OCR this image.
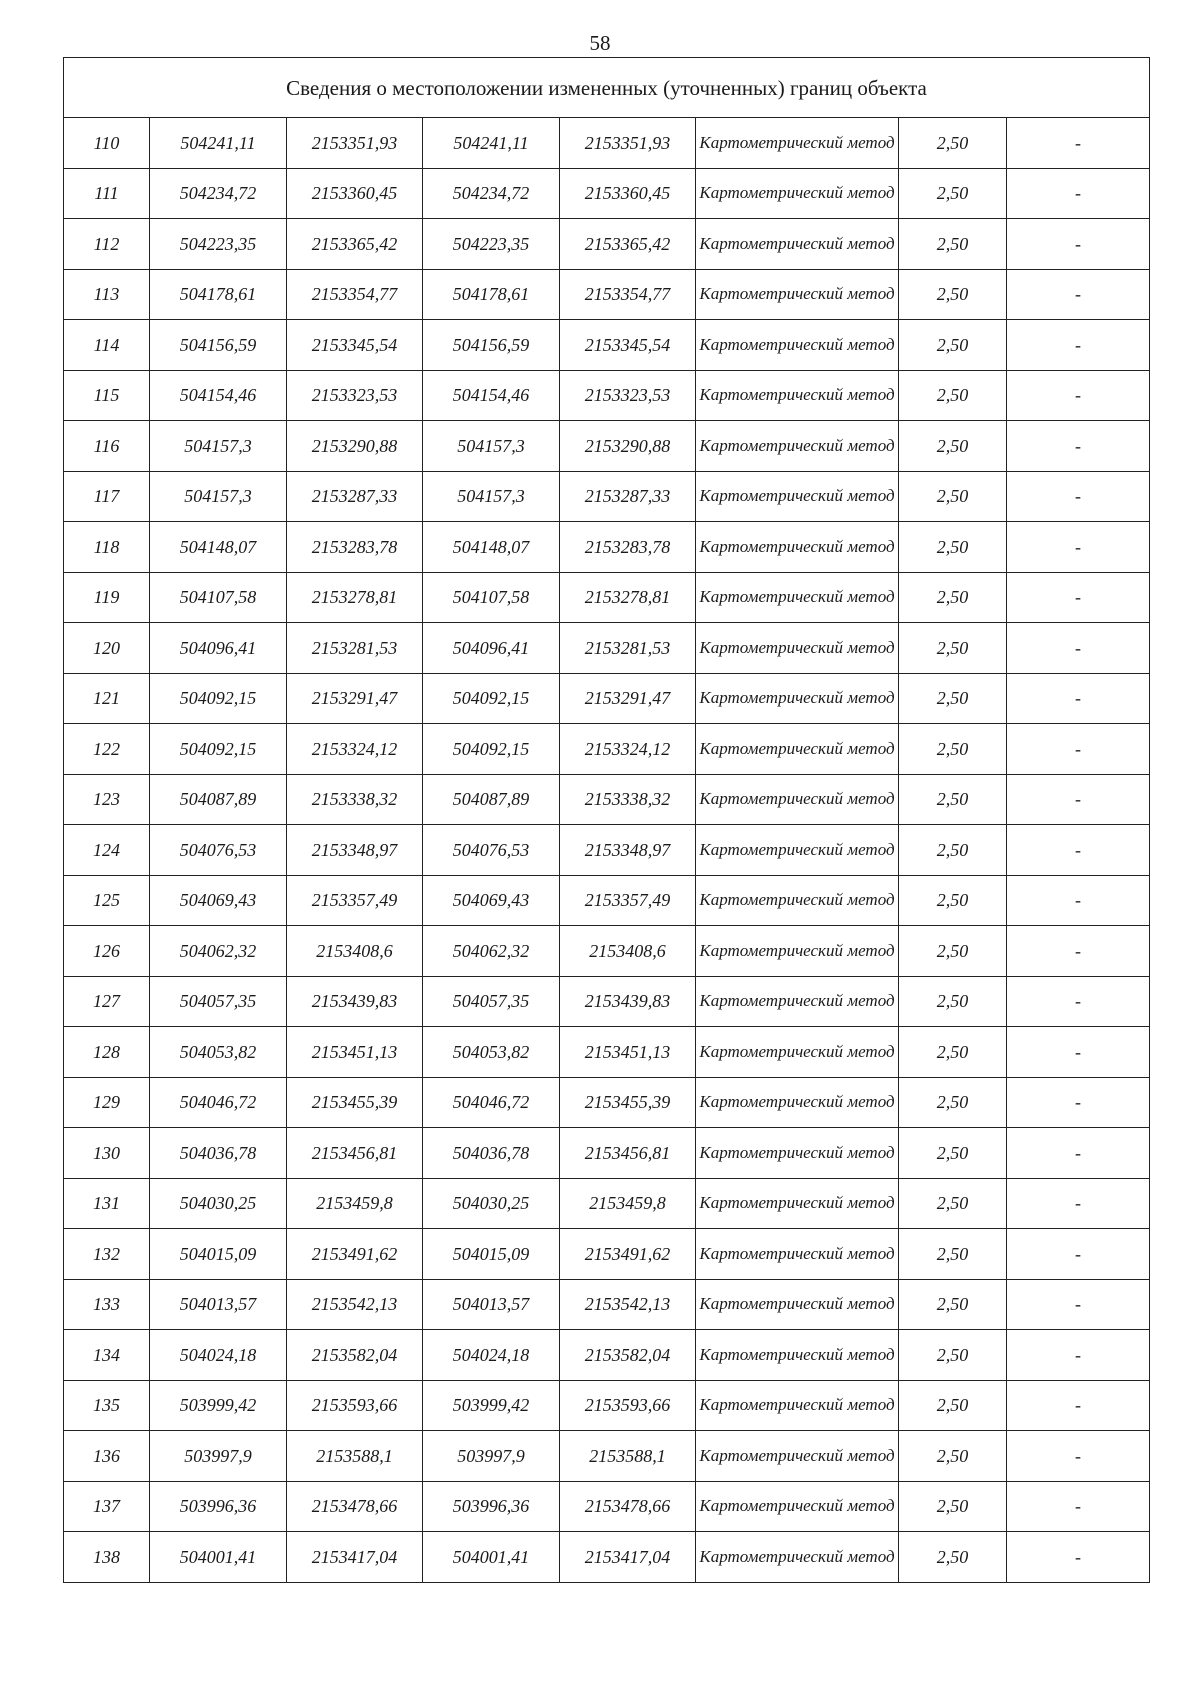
58
Сведения о местоположении измененных (уточненных) границ объекта							
110	504241,11	2153351,93	504241,11	2153351,93	Картометрический метод	2,50	-
111	504234,72	2153360,45	504234,72	2153360,45	Картометрический метод	2,50	-
112	504223,35	2153365,42	504223,35	2153365,42	Картометрический метод	2,50	-
113	504178,61	2153354,77	504178,61	2153354,77	Картометрический метод	2,50	-
114	504156,59	2153345,54	504156,59	2153345,54	Картометрический метод	2,50	-
115	504154,46	2153323,53	504154,46	2153323,53	Картометрический метод	2,50	-
116	504157,3	2153290,88	504157,3	2153290,88	Картометрический метод	2,50	-
117	504157,3	2153287,33	504157,3	2153287,33	Картометрический метод	2,50	-
118	504148,07	2153283,78	504148,07	2153283,78	Картометрический метод	2,50	-
119	504107,58	2153278,81	504107,58	2153278,81	Картометрический метод	2,50	-
120	504096,41	2153281,53	504096,41	2153281,53	Картометрический метод	2,50	-
121	504092,15	2153291,47	504092,15	2153291,47	Картометрический метод	2,50	-
122	504092,15	2153324,12	504092,15	2153324,12	Картометрический метод	2,50	-
123	504087,89	2153338,32	504087,89	2153338,32	Картометрический метод	2,50	-
124	504076,53	2153348,97	504076,53	2153348,97	Картометрический метод	2,50	-
125	504069,43	2153357,49	504069,43	2153357,49	Картометрический метод	2,50	-
126	504062,32	2153408,6	504062,32	2153408,6	Картометрический метод	2,50	-
127	504057,35	2153439,83	504057,35	2153439,83	Картометрический метод	2,50	-
128	504053,82	2153451,13	504053,82	2153451,13	Картометрический метод	2,50	-
129	504046,72	2153455,39	504046,72	2153455,39	Картометрический метод	2,50	-
130	504036,78	2153456,81	504036,78	2153456,81	Картометрический метод	2,50	-
131	504030,25	2153459,8	504030,25	2153459,8	Картометрический метод	2,50	-
132	504015,09	2153491,62	504015,09	2153491,62	Картометрический метод	2,50	-
133	504013,57	2153542,13	504013,57	2153542,13	Картометрический метод	2,50	-
134	504024,18	2153582,04	504024,18	2153582,04	Картометрический метод	2,50	-
135	503999,42	2153593,66	503999,42	2153593,66	Картометрический метод	2,50	-
136	503997,9	2153588,1	503997,9	2153588,1	Картометрический метод	2,50	-
137	503996,36	2153478,66	503996,36	2153478,66	Картометрический метод	2,50	-
138	504001,41	2153417,04	504001,41	2153417,04	Картометрический метод	2,50	-
